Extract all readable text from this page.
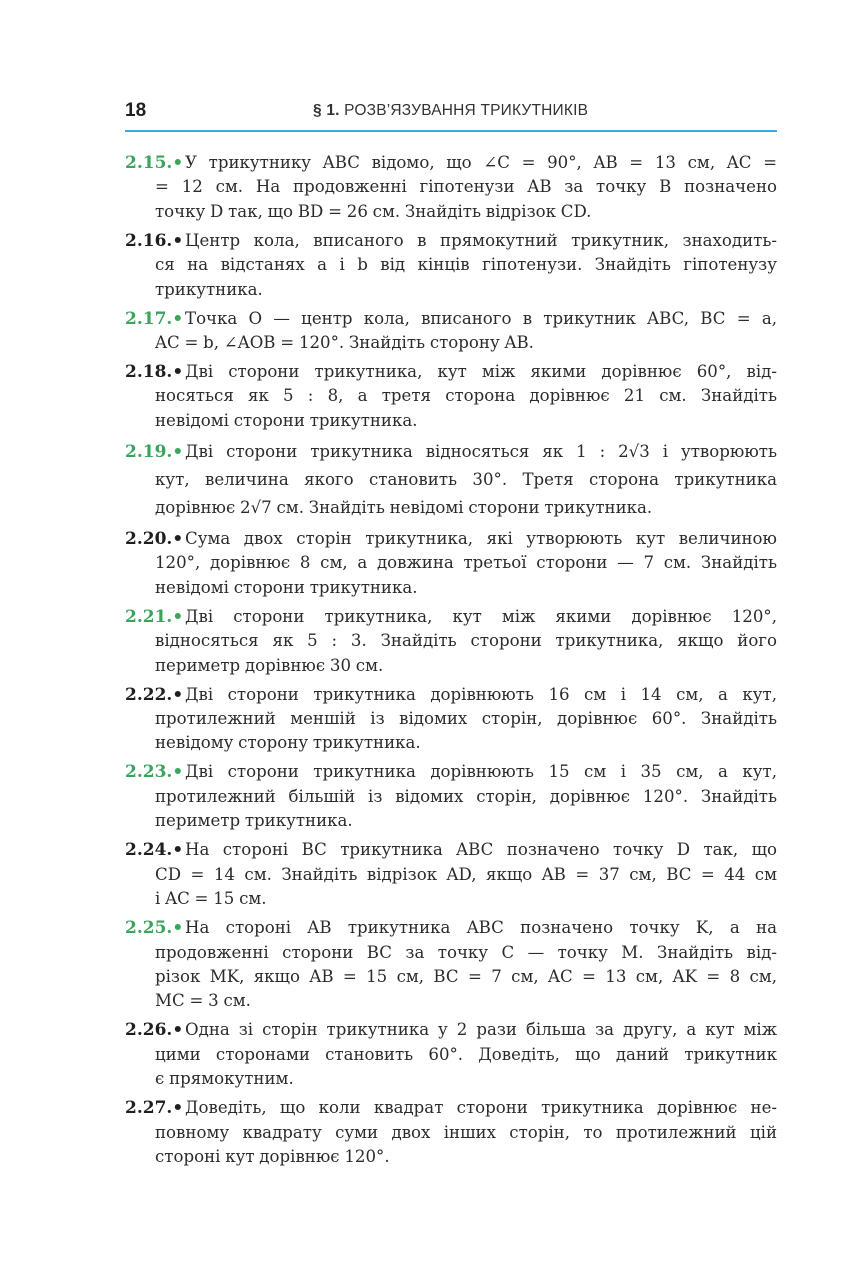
18	§ 1. РОЗВ’ЯЗУВАННЯ ТРИКУТНИКІВ
2.15.• У трикутнику ABC відомо, що ∠C = 90°, AB = 13 см, AC =
= 12 см. На продовженні гіпотенузи AB за точку B позначено
точку D так, що BD = 26 см. Знайдіть відрізок CD.
2.16.• Центр кола, вписаного в прямокутний трикутник, знаходить-
ся на відстанях a і b від кінців гіпотенузи. Знайдіть гіпотенузу
трикутника.
2.17.• Точка O — центр кола, вписаного в трикутник ABC, BC = a,
AC = b, ∠AOB = 120°. Знайдіть сторону AB.
2.18.• Дві сторони трикутника, кут між якими дорівнює 60°, від-
носяться як 5 : 8, а третя сторона дорівнює 21 см. Знайдіть
невідомі сторони трикутника.
2.19.• Дві сторони трикутника відносяться як 1 : 2√3 і утворюють
кут, величина якого становить 30°. Третя сторона трикутника
дорівнює 2√7 см. Знайдіть невідомі сторони трикутника.
2.20.• Сума двох сторін трикутника, які утворюють кут величиною
120°, дорівнює 8 см, а довжина третьої сторони — 7 см. Знайдіть
невідомі сторони трикутника.
2.21.• Дві сторони трикутника, кут між якими дорівнює 120°,
відносяться як 5 : 3. Знайдіть сторони трикутника, якщо його
периметр дорівнює 30 см.
2.22.• Дві сторони трикутника дорівнюють 16 см і 14 см, а кут,
протилежний меншій із відомих сторін, дорівнює 60°. Знайдіть
невідому сторону трикутника.
2.23.• Дві сторони трикутника дорівнюють 15 см і 35 см, а кут,
протилежний більшій із відомих сторін, дорівнює 120°. Знайдіть
периметр трикутника.
2.24.• На стороні BC трикутника ABC позначено точку D так, що
CD = 14 см. Знайдіть відрізок AD, якщо AB = 37 см, BC = 44 см
і AC = 15 см.
2.25.• На стороні AB трикутника ABC позначено точку K, а на
продовженні сторони BC за точку C — точку M. Знайдіть від-
різок MK, якщо AB = 15 см, BC = 7 см, AC = 13 см, AK = 8 см,
MC = 3 см.
2.26.• Одна зі сторін трикутника у 2 рази більша за другу, а кут між
цими сторонами становить 60°. Доведіть, що даний трикутник
є прямокутним.
2.27.• Доведіть, що коли квадрат сторони трикутника дорівнює не-
повному квадрату суми двох інших сторін, то протилежний цій
стороні кут дорівнює 120°.
